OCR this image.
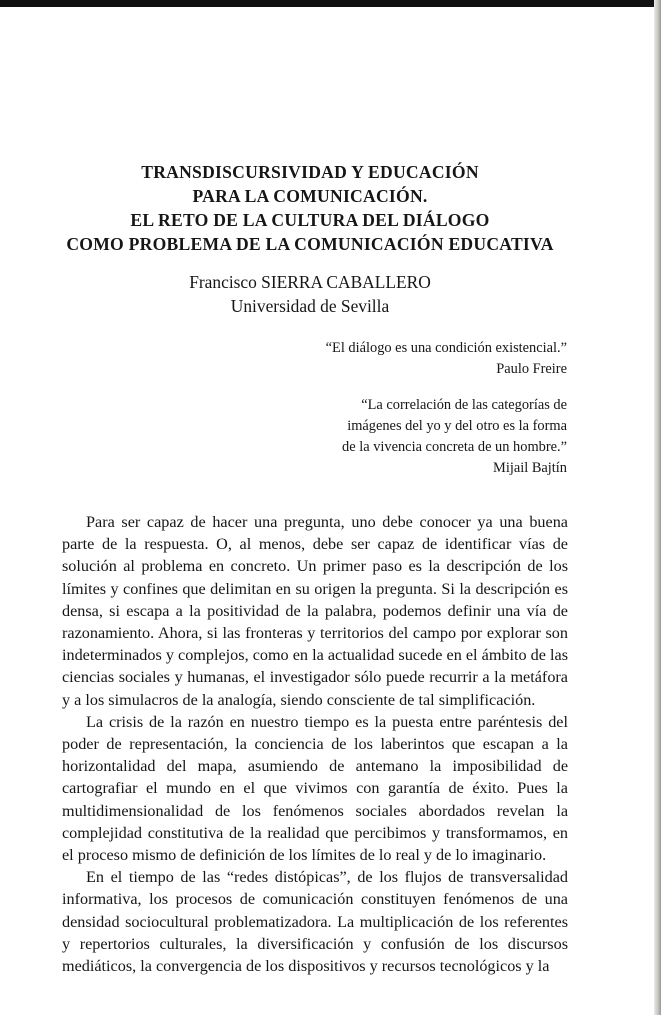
TRANSDISCURSIVIDAD Y EDUCACIÓN
PARA LA COMUNICACIÓN.
EL RETO DE LA CULTURA DEL DIÁLOGO
COMO PROBLEMA DE LA COMUNICACIÓN EDUCATIVA
Francisco SIERRA CABALLERO
Universidad de Sevilla
“El diálogo es una condición existencial.”
Paulo Freire
“La correlación de las categorías de
imágenes del yo y del otro es la forma
de la vivencia concreta de un hombre.”
Mijail Bajtín

Para ser capaz de hacer una pregunta, uno debe conocer ya una buena parte de la respuesta. O, al menos, debe ser capaz de identificar vías de solución al problema en concreto. Un primer paso es la descripción de los límites y confines que delimitan en su origen la pregunta. Si la descripción es densa, si escapa a la positividad de la palabra, podemos definir una vía de razonamiento. Ahora, si las fronteras y territorios del campo por explorar son indeterminados y complejos, como en la actualidad sucede en el ámbito de las ciencias sociales y humanas, el investigador sólo puede recurrir a la metáfora y a los simulacros de la analogía, siendo consciente de tal simplificación.

La crisis de la razón en nuestro tiempo es la puesta entre paréntesis del poder de representación, la conciencia de los laberintos que escapan a la horizontalidad del mapa, asumiendo de antemano la imposibilidad de cartografiar el mundo en el que vivimos con garantía de éxito. Pues la multidimensionalidad de los fenómenos sociales abordados revelan la complejidad constitutiva de la realidad que percibimos y transformamos, en el proceso mismo de definición de los límites de lo real y de lo imaginario.

En el tiempo de las “redes distópicas”, de los flujos de transversalidad informativa, los procesos de comunicación constituyen fenómenos de una densidad sociocultural problematizadora. La multiplicación de los referentes y repertorios culturales, la diversificación y confusión de los discursos mediáticos, la convergencia de los dispositivos y recursos tecnológicos y la
